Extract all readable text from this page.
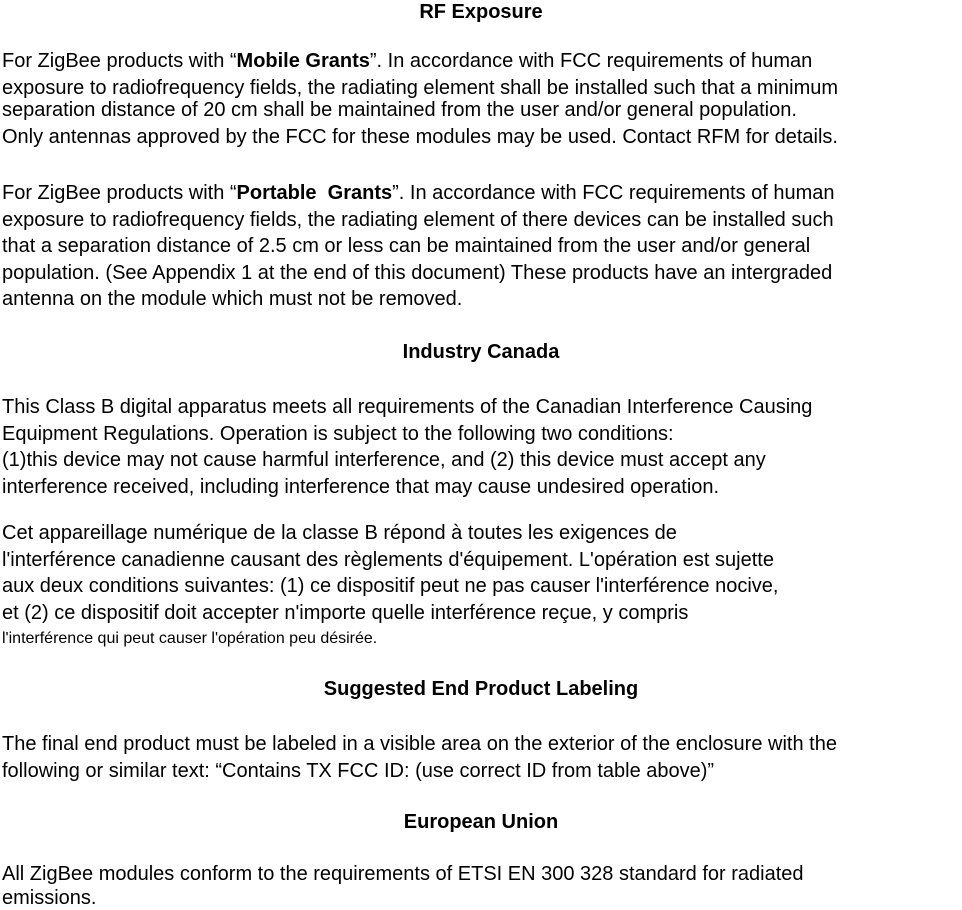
RF Exposure

For ZigBee products with “Mobile Grants”. In accordance with FCC requirements of human
exposure to radiofrequency fields, the radiating element shall be installed such that a minimum
separation distance of 20 cm shall be maintained from the user and/or general population.
Only antennas approved by the FCC for these modules may be used. Contact RFM for details.

For ZigBee products with “Portable  Grants”. In accordance with FCC requirements of human
exposure to radiofrequency fields, the radiating element of there devices can be installed such
that a separation distance of 2.5 cm or less can be maintained from the user and/or general
population. (See Appendix 1 at the end of this document) These products have an intergraded
antenna on the module which must not be removed.

Industry Canada

This Class B digital apparatus meets all requirements of the Canadian Interference Causing
Equipment Regulations. Operation is subject to the following two conditions:
(1)this device may not cause harmful interference, and (2) this device must accept any
interference received, including interference that may cause undesired operation.

Cet appareillage numérique de la classe B répond à toutes les exigences de
l'interférence canadienne causant des règlements d'équipement. L'opération est sujette
aux deux conditions suivantes: (1) ce dispositif peut ne pas causer l'interférence nocive,
et (2) ce dispositif doit accepter n'importe quelle interférence reçue, y compris
l'interférence qui peut causer l'opération peu désirée.

Suggested End Product Labeling

The final end product must be labeled in a visible area on the exterior of the enclosure with the
following or similar text: “Contains TX FCC ID: (use correct ID from table above)”

European Union

All ZigBee modules conform to the requirements of ETSI EN 300 328 standard for radiated
emissions.
